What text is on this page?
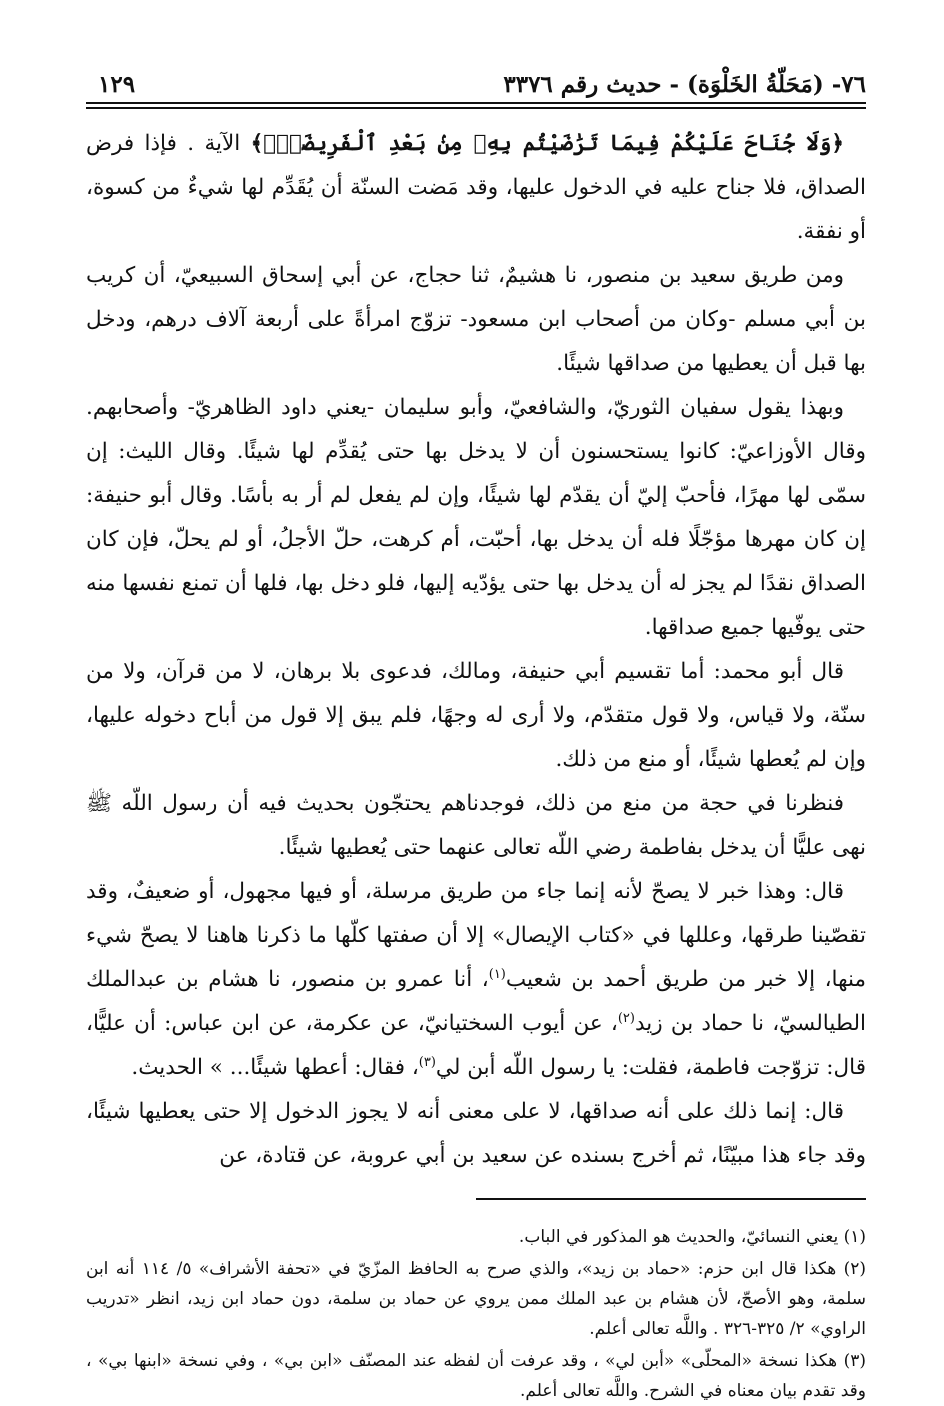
٧٦- (مَحَلّةُ الخَلْوَة) - حديث رقم ٣٣٧٦
١٢٩

﴿وَلَا جُنَاحَ عَلَيْكُمْ فِيمَا تَرَٰضَيْتُم بِهِۦ مِنۢ بَعْدِ ٱلْفَرِيضَةِۚ﴾ الآية . فإذا فرض الصداق، فلا جناح عليه في الدخول عليها، وقد مَضت السنّة أن يُقَدِّم لها شيءٌ من كسوة، أو نفقة.

ومن طريق سعيد بن منصور، نا هشيمٌ، ثنا حجاج، عن أبي إسحاق السبيعيّ، أن كريب بن أبي مسلم -وكان من أصحاب ابن مسعود- تزوّج امرأةً على أربعة آلاف درهم، ودخل بها قبل أن يعطيها من صداقها شيئًا.

وبهذا يقول سفيان الثوريّ، والشافعيّ، وأبو سليمان -يعني داود الظاهريّ- وأصحابهم. وقال الأوزاعيّ: كانوا يستحسنون أن لا يدخل بها حتى يُقدِّم لها شيئًا. وقال الليث: إن سمّى لها مهرًا، فأحبّ إليّ أن يقدّم لها شيئًا، وإن لم يفعل لم أر به بأسًا. وقال أبو حنيفة: إن كان مهرها مؤجّلًا فله أن يدخل بها، أحبّت، أم كرهت، حلّ الأجلُ، أو لم يحلّ، فإن كان الصداق نقدًا لم يجز له أن يدخل بها حتى يؤدّيه إليها، فلو دخل بها، فلها أن تمنع نفسها منه حتى يوفّيها جميع صداقها.

قال أبو محمد: أما تقسيم أبي حنيفة، ومالك، فدعوى بلا برهان، لا من قرآن، ولا من سنّة، ولا قياس، ولا قول متقدّم، ولا أرى له وجهًا، فلم يبق إلا قول من أباح دخوله عليها، وإن لم يُعطها شيئًا، أو منع من ذلك.

فنظرنا في حجة من منع من ذلك، فوجدناهم يحتجّون بحديث فيه أن رسول اللّه ﷺ نهى عليًّا أن يدخل بفاطمة رضي اللّه تعالى عنهما حتى يُعطيها شيئًا.

قال: وهذا خبر لا يصحّ لأنه إنما جاء من طريق مرسلة، أو فيها مجهول، أو ضعيفٌ، وقد تقصّينا طرقها، وعللها في «كتاب الإيصال» إلا أن صفتها كلّها ما ذكرنا هاهنا لا يصحّ شيء منها، إلا خبر من طريق أحمد بن شعيب$^{(١)}$، أنا عمرو بن منصور، نا هشام بن عبدالملك الطيالسيّ، نا حماد بن زيد$^{(٢)}$، عن أيوب السختيانيّ، عن عكرمة، عن ابن عباس: أن عليًّا، قال: تزوّجت فاطمة، فقلت: يا رسول اللّه أبن لي$^{(٣)}$، فقال: أعطها شيئًا... » الحديث.

قال: إنما ذلك على أنه صداقها، لا على معنى أنه لا يجوز الدخول إلا حتى يعطيها شيئًا، وقد جاء هذا مبيّنًا، ثم أخرج بسنده عن سعيد بن أبي عروبة، عن قتادة، عن

(١) يعني النسائيّ، والحديث هو المذكور في الباب.

(٢) هكذا قال ابن حزم: «حماد بن زيد»، والذي صرح به الحافظ المزّيّ في «تحفة الأشراف» ٥/ ١١٤ أنه ابن سلمة، وهو الأصحّ، لأن هشام بن عبد الملك ممن يروي عن حماد بن سلمة، دون حماد ابن زيد، انظر «تدريب الراوي» ٢/ ٣٢٥-٣٢٦ . واللَّه تعالى أعلم.

(٣) هكذا نسخة «المحلّى» «أبن لي» ، وقد عرفت أن لفظه عند المصنّف «ابن بي» ، وفي نسخة «ابنها بي» ، وقد تقدم بيان معناه في الشرح. واللَّه تعالى أعلم.
